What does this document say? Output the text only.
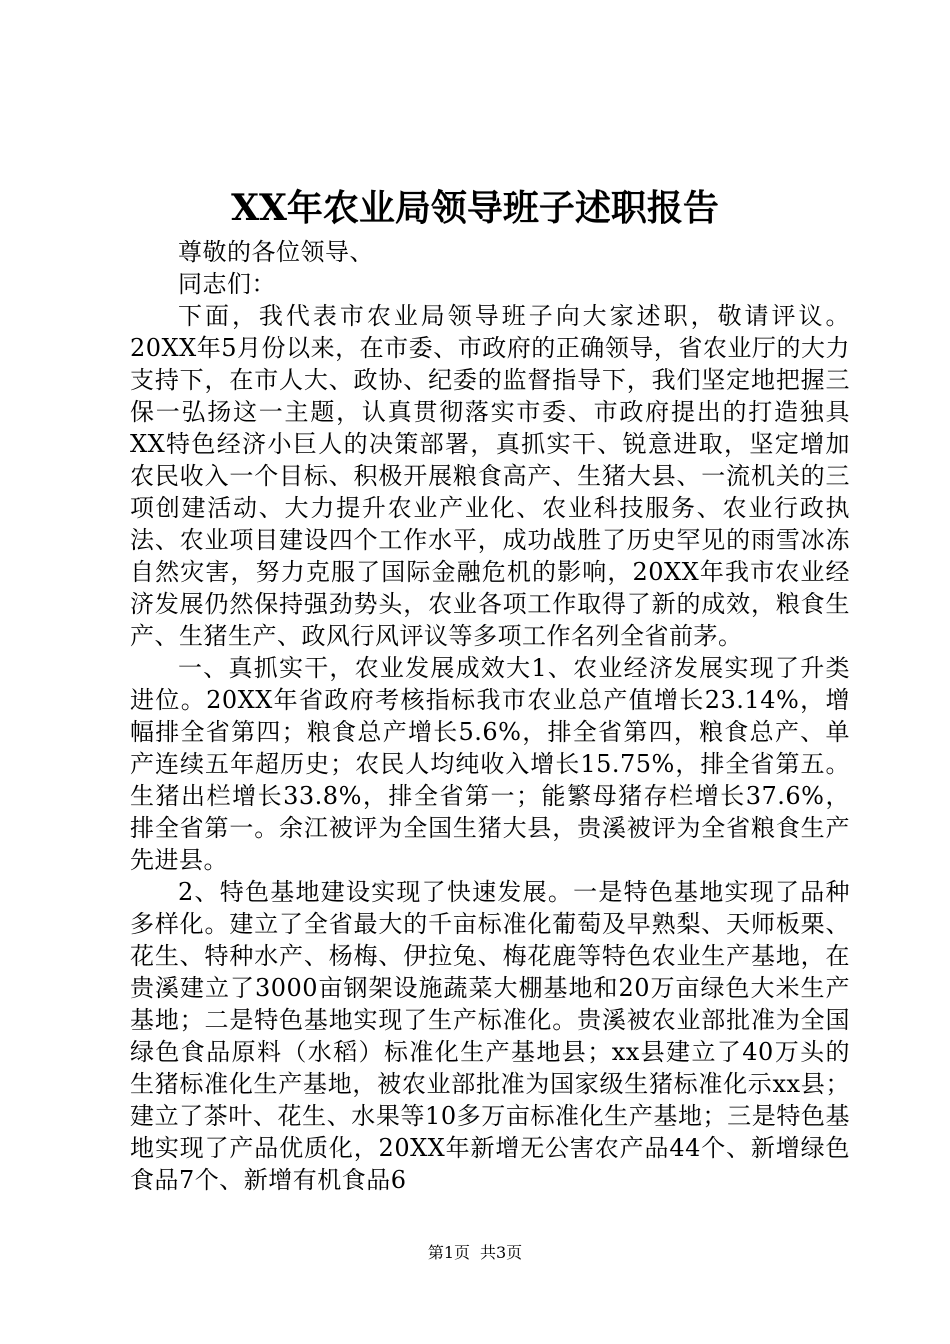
XX年农业局领导班子述职报告

尊敬的各位领导、

同志们：

下面，我代表市农业局领导班子向大家述职，敬请评议。20XX年5月份以来，在市委、市政府的正确领导，省农业厅的大力支持下，在市人大、政协、纪委的监督指导下，我们坚定地把握三保一弘扬这一主题，认真贯彻落实市委、市政府提出的打造独具XX特色经济小巨人的决策部署，真抓实干、锐意进取，坚定增加农民收入一个目标、积极开展粮食高产、生猪大县、一流机关的三项创建活动、大力提升农业产业化、农业科技服务、农业行政执法、农业项目建设四个工作水平，成功战胜了历史罕见的雨雪冰冻自然灾害，努力克服了国际金融危机的影响，20XX年我市农业经济发展仍然保持强劲势头，农业各项工作取得了新的成效，粮食生产、生猪生产、政风行风评议等多项工作名列全省前茅。

一、真抓实干，农业发展成效大1、农业经济发展实现了升类进位。20XX年省政府考核指标我市农业总产值增长23.14%，增幅排全省第四；粮食总产增长5.6%，排全省第四，粮食总产、单产连续五年超历史；农民人均纯收入增长15.75%，排全省第五。生猪出栏增长33.8%，排全省第一；能繁母猪存栏增长37.6%，排全省第一。余江被评为全国生猪大县，贵溪被评为全省粮食生产先进县。

2、特色基地建设实现了快速发展。一是特色基地实现了品种多样化。建立了全省最大的千亩标准化葡萄及早熟梨、天师板栗、花生、特种水产、杨梅、伊拉兔、梅花鹿等特色农业生产基地，在贵溪建立了3000亩钢架设施蔬菜大棚基地和20万亩绿色大米生产基地；二是特色基地实现了生产标准化。贵溪被农业部批准为全国绿色食品原料（水稻）标准化生产基地县；xx县建立了40万头的生猪标准化生产基地，被农业部批准为国家级生猪标准化示xx县；建立了茶叶、花生、水果等10多万亩标准化生产基地；三是特色基地实现了产品优质化，20XX年新增无公害农产品44个、新增绿色食品7个、新增有机食品6

第1页 共3页
